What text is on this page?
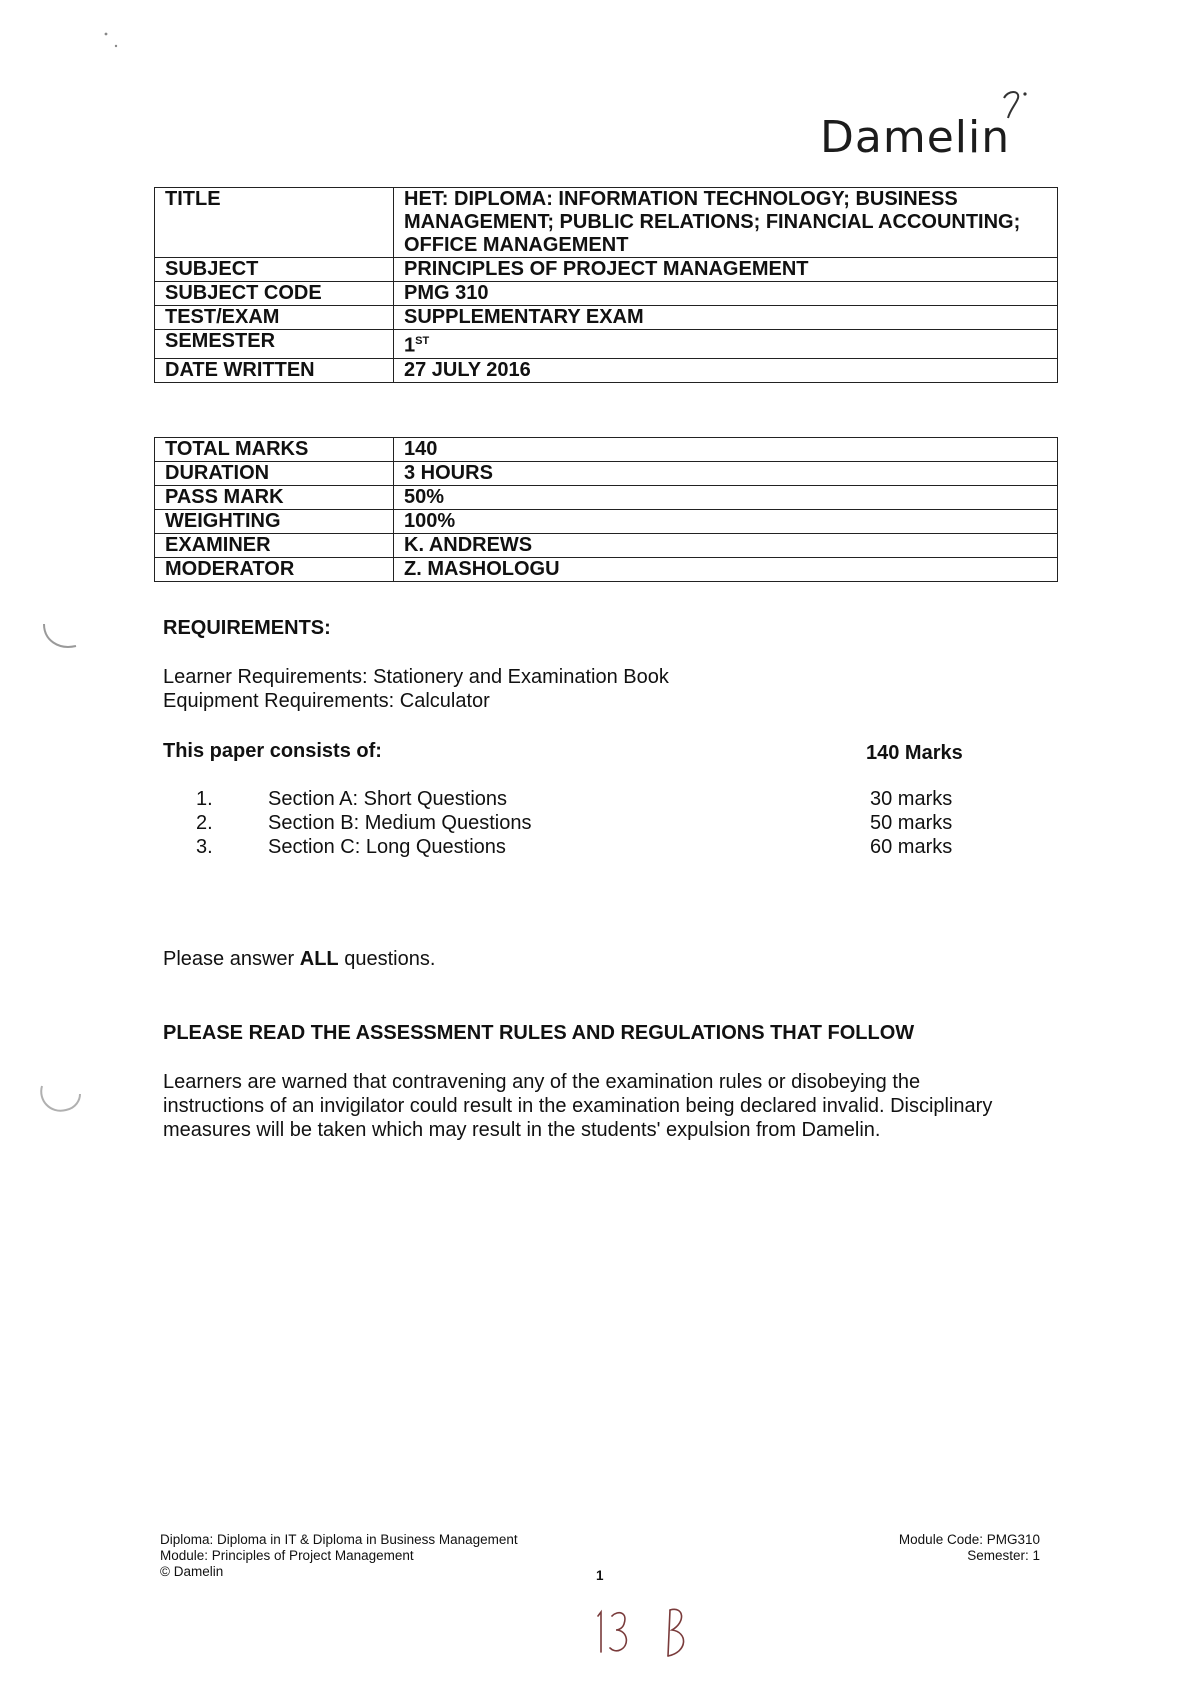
Damelin
TITLE	HET: DIPLOMA: INFORMATION TECHNOLOGY; BUSINESS MANAGEMENT; PUBLIC RELATIONS; FINANCIAL ACCOUNTING; OFFICE MANAGEMENT
SUBJECT	PRINCIPLES OF PROJECT MANAGEMENT
SUBJECT CODE	PMG 310
TEST/EXAM	SUPPLEMENTARY EXAM
SEMESTER	1ST
DATE WRITTEN	27 JULY 2016
TOTAL MARKS	140
DURATION	3 HOURS
PASS MARK	50%
WEIGHTING	100%
EXAMINER	K. ANDREWS
MODERATOR	Z. MASHOLOGU
REQUIREMENTS:
Learner Requirements: Stationery and Examination Book
Equipment Requirements: Calculator
This paper consists of:	140 Marks
1.	Section A: Short Questions	30 marks
2.	Section B: Medium Questions	50 marks
3.	Section C: Long Questions	60 marks
Please answer ALL questions.
PLEASE READ THE ASSESSMENT RULES AND REGULATIONS THAT FOLLOW
Learners are warned that contravening any of the examination rules or disobeying the instructions of an invigilator could result in the examination being declared invalid. Disciplinary measures will be taken which may result in the students' expulsion from Damelin.
Diploma: Diploma in IT & Diploma in Business Management
Module: Principles of Project Management
© Damelin	1
Module Code: PMG310
Semester: 1
